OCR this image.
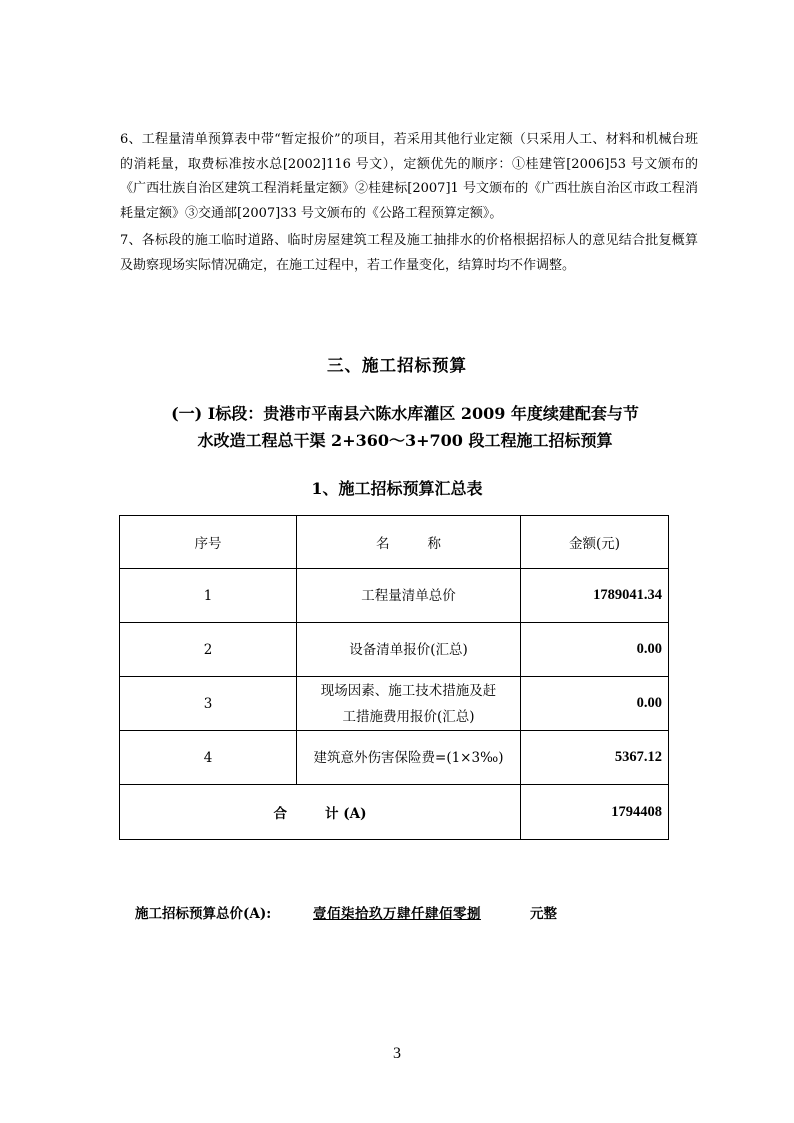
6、工程量清单预算表中带“暂定报价”的项目，若采用其他行业定额（只采用人工、材料和机械台班的消耗量，取费标准按水总[2002]116 号文），定额优先的顺序：①桂建管[2006]53 号文颁布的《广西壮族自治区建筑工程消耗量定额》②桂建标[2007]1 号文颁布的《广西壮族自治区市政工程消耗量定额》③交通部[2007]33 号文颁布的《公路工程预算定额》。

7、各标段的施工临时道路、临时房屋建筑工程及施工抽排水的价格根据招标人的意见结合批复概算及勘察现场实际情况确定，在施工过程中，若工作量变化，结算时均不作调整。

三、施工招标预算
(一) Ⅰ标段：贵港市平南县六陈水库灌区 2009 年度续建配套与节
水改造工程总干渠 2+360～3+700 段工程施工招标预算
1、施工招标预算汇总表
序号	名 称	金额(元)
1	工程量清单总价	1789041.34
2	设备清单报价(汇总)	0.00
3	现场因素、施工技术措施及赶
工措施费用报价(汇总)	0.00
4	建筑意外伤害保险费=(1×3‰)	5367.12
合 计 (A)		1794408
施工招标预算总价(A):	壹佰柒拾玖万肆仟肆佰零捌	元整
3
